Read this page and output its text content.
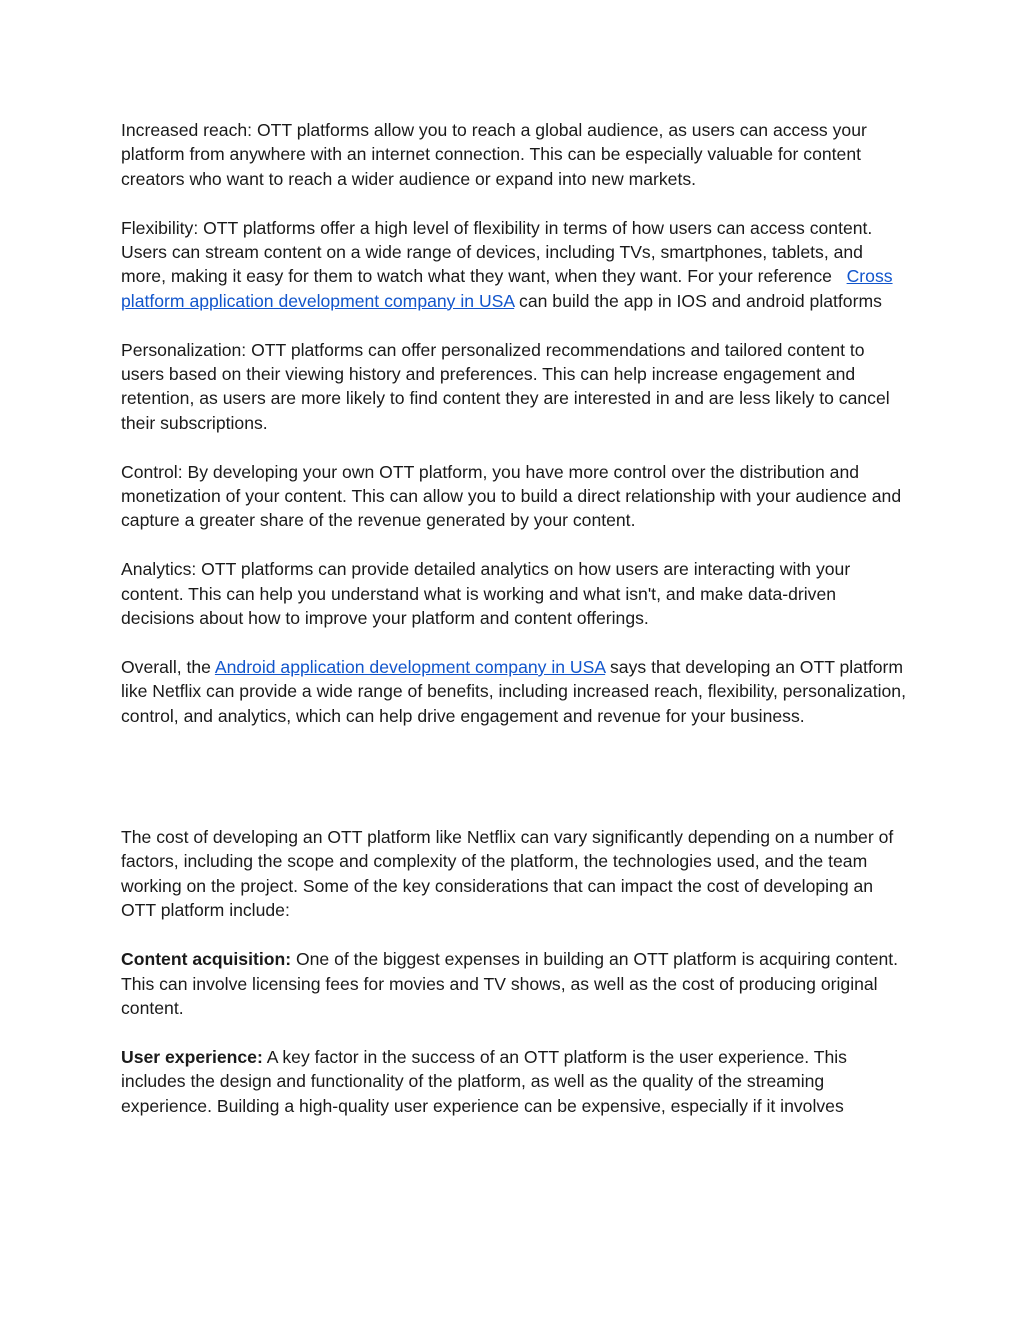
Increased reach: OTT platforms allow you to reach a global audience, as users can access your platform from anywhere with an internet connection. This can be especially valuable for content creators who want to reach a wider audience or expand into new markets.

Flexibility: OTT platforms offer a high level of flexibility in terms of how users can access content. Users can stream content on a wide range of devices, including TVs, smartphones, tablets, and more, making it easy for them to watch what they want, when they want. For your reference   Cross platform application development company in USA can build the app in IOS and android platforms

Personalization: OTT platforms can offer personalized recommendations and tailored content to users based on their viewing history and preferences. This can help increase engagement and retention, as users are more likely to find content they are interested in and are less likely to cancel their subscriptions.

Control: By developing your own OTT platform, you have more control over the distribution and monetization of your content. This can allow you to build a direct relationship with your audience and capture a greater share of the revenue generated by your content.

Analytics: OTT platforms can provide detailed analytics on how users are interacting with your content. This can help you understand what is working and what isn't, and make data-driven decisions about how to improve your platform and content offerings.

Overall, the Android application development company in USA says that developing an OTT platform like Netflix can provide a wide range of benefits, including increased reach, flexibility, personalization, control, and analytics, which can help drive engagement and revenue for your business.

The cost of developing an OTT platform like Netflix can vary significantly depending on a number of factors, including the scope and complexity of the platform, the technologies used, and the team working on the project. Some of the key considerations that can impact the cost of developing an OTT platform include:

Content acquisition: One of the biggest expenses in building an OTT platform is acquiring content. This can involve licensing fees for movies and TV shows, as well as the cost of producing original content.

User experience: A key factor in the success of an OTT platform is the user experience. This includes the design and functionality of the platform, as well as the quality of the streaming experience. Building a high-quality user experience can be expensive, especially if it involves
